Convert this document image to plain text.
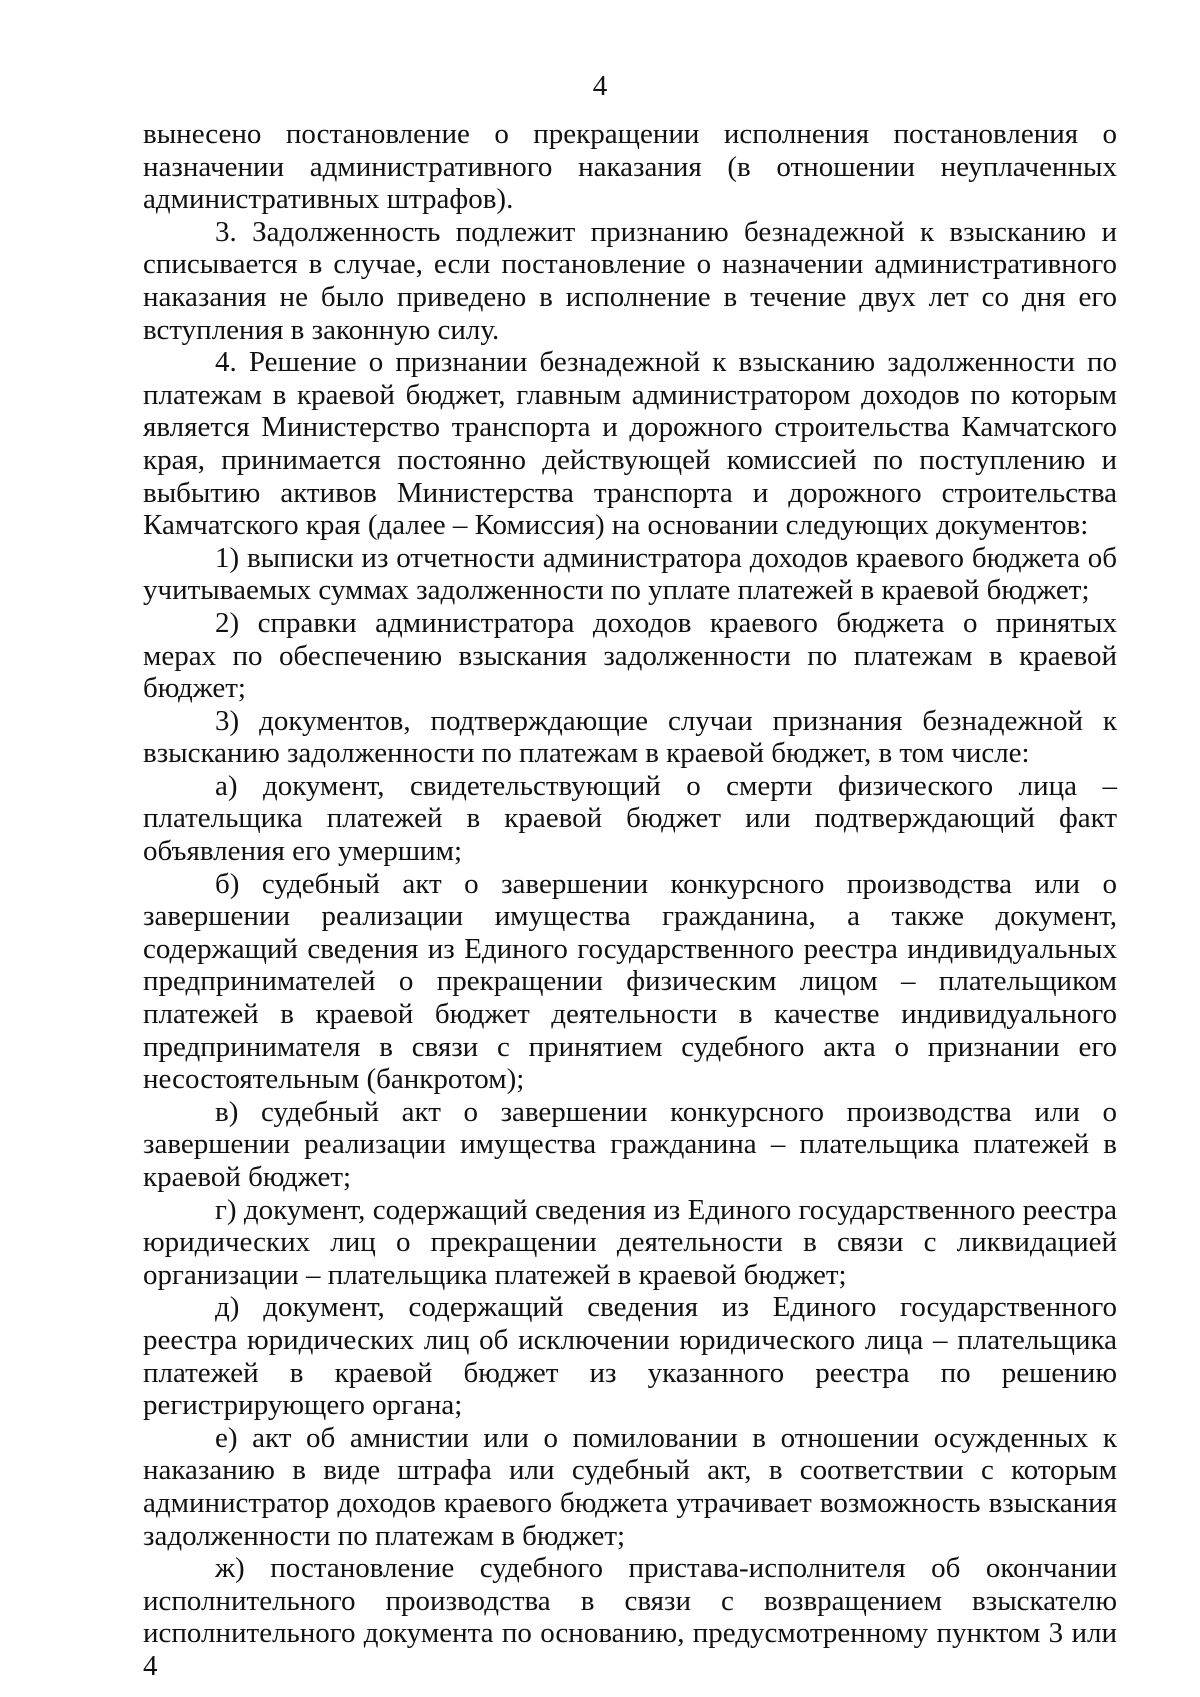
4

вынесено постановление о прекращении исполнения постановления о назначении административного наказания (в отношении неуплаченных административных штрафов).

3. Задолженность подлежит признанию безнадежной к взысканию и списывается в случае, если постановление о назначении административного наказания не было приведено в исполнение в течение двух лет со дня его вступления в законную силу.

4. Решение о признании безнадежной к взысканию задолженности по платежам в краевой бюджет, главным администратором доходов по которым является Министерство транспорта и дорожного строительства Камчатского края, принимается постоянно действующей комиссией по поступлению и выбытию активов Министерства транспорта и дорожного строительства Камчатского края (далее – Комиссия) на основании следующих документов:

1) выписки из отчетности администратора доходов краевого бюджета об учитываемых суммах задолженности по уплате платежей в краевой бюджет;

2) справки администратора доходов краевого бюджета о принятых мерах по обеспечению взыскания задолженности по платежам в краевой бюджет;

3) документов, подтверждающие случаи признания безнадежной к взысканию задолженности по платежам в краевой бюджет, в том числе:

а) документ, свидетельствующий о смерти физического лица – плательщика платежей в краевой бюджет или подтверждающий факт объявления его умершим;

б) судебный акт о завершении конкурсного производства или о завершении реализации имущества гражданина, а также документ, содержащий сведения из Единого государственного реестра индивидуальных предпринимателей о прекращении физическим лицом – плательщиком платежей в краевой бюджет деятельности в качестве индивидуального предпринимателя в связи с принятием судебного акта о признании его несостоятельным (банкротом);

в) судебный акт о завершении конкурсного производства или о завершении реализации имущества гражданина – плательщика платежей в краевой бюджет;

г) документ, содержащий сведения из Единого государственного реестра юридических лиц о прекращении деятельности в связи с ликвидацией организации – плательщика платежей в краевой бюджет;

д) документ, содержащий сведения из Единого государственного реестра юридических лиц об исключении юридического лица – плательщика платежей в краевой бюджет из указанного реестра по решению регистрирующего органа;

е) акт об амнистии или о помиловании в отношении осужденных к наказанию в виде штрафа или судебный акт, в соответствии с которым администратор доходов краевого бюджета утрачивает возможность взыскания задолженности по платежам в бюджет;

ж) постановление судебного пристава-исполнителя об окончании исполнительного производства в связи с возвращением взыскателю исполнительного документа по основанию, предусмотренному пунктом 3 или 4
